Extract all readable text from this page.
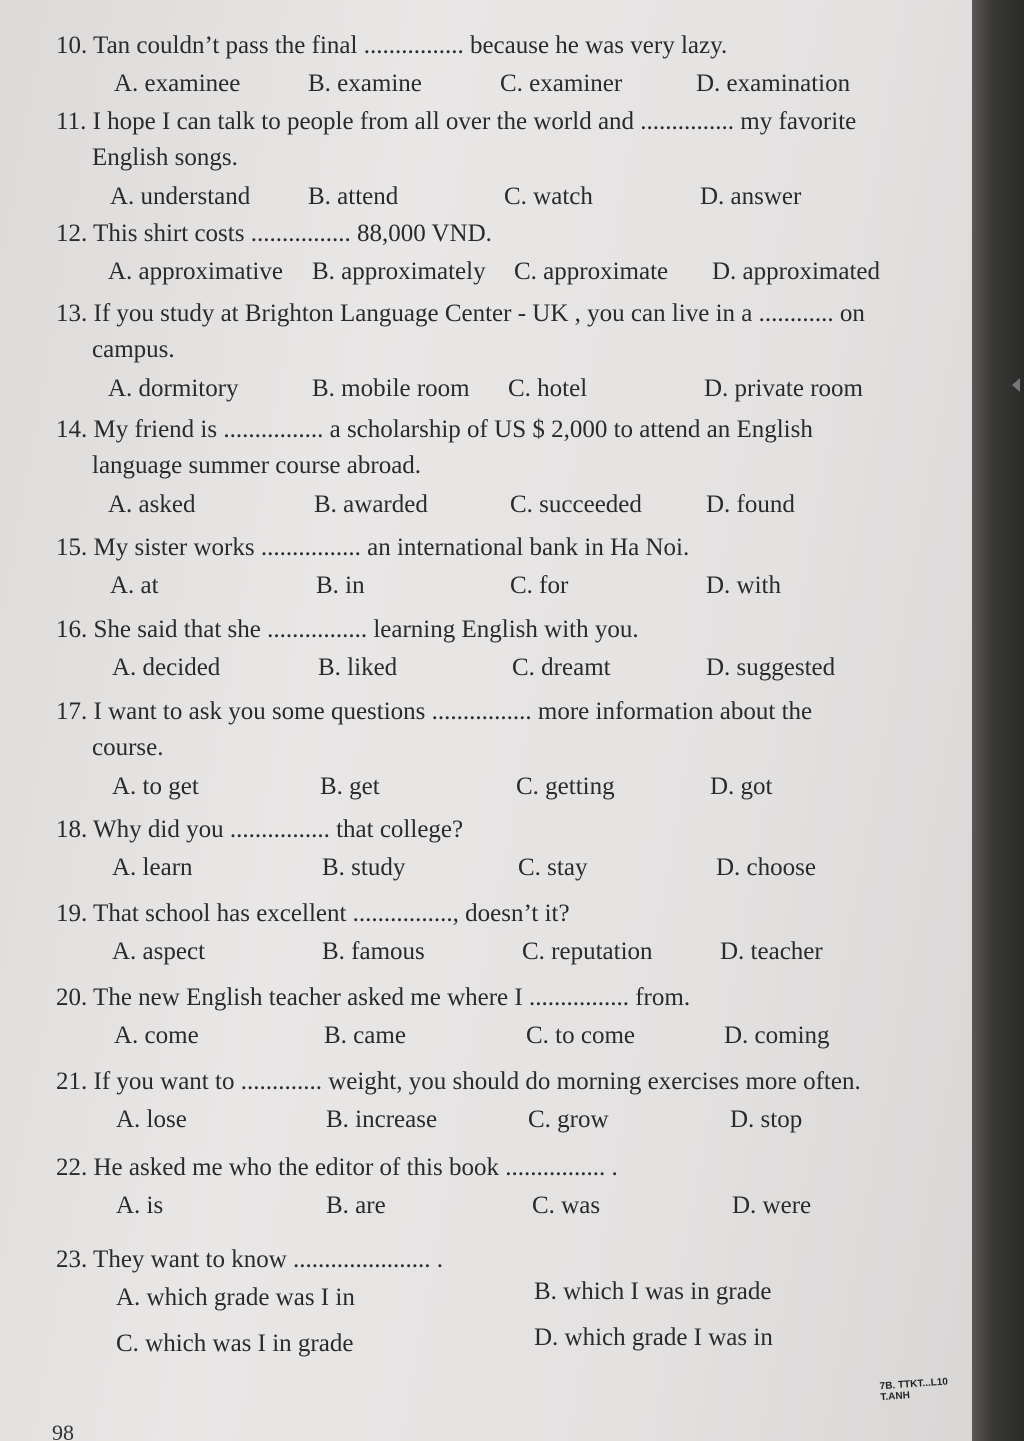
10. Tan couldn’t pass the final ................ because he was very lazy.
A. examinee	B. examine	C. examiner	D. examination
11. I hope I can talk to people from all over the world and ............... my favorite
English songs.
A. understand B. attend	C. watch	D. answer
12. This shirt costs ................ 88,000 VND.
A. approximative B. approximately C. approximate D. approximated
13. If you study at Brighton Language Center - UK , you can live in a ............ on
campus.
A. dormitory	B. mobile room C. hotel	D. private room
14. My friend is ................ a scholarship of US $ 2,000 to attend an English
language summer course abroad.
A. asked	B. awarded	C. succeeded	D. found
15. My sister works ................ an international bank in Ha Noi.
A. at	B. in	C. for	D. with
16. She said that she ................ learning English with you.
A. decided	B. liked	C. dreamt	D. suggested
17. I want to ask you some questions ................ more information about the
course.
A. to get	B. get	C. getting	D. got
18. Why did you ................ that college?
A. learn	B. study	C. stay	D. choose
19. That school has excellent ................, doesn’t it?
A. aspect	B. famous	C. reputation	D. teacher
20. The new English teacher asked me where I ................ from.
A. come	B. came	C. to come	D. coming
21. If you want to ............. weight, you should do morning exercises more often.
A. lose	B. increase	C. grow	D. stop
22. He asked me who the editor of this book ................ .
A. is	B. are	C. was	D. were
23. They want to know ...................... .
A. which grade was I in	B. which I was in grade
C. which was I in grade	D. which grade I was in
7B. TTKT...L10 T.ANH
98
